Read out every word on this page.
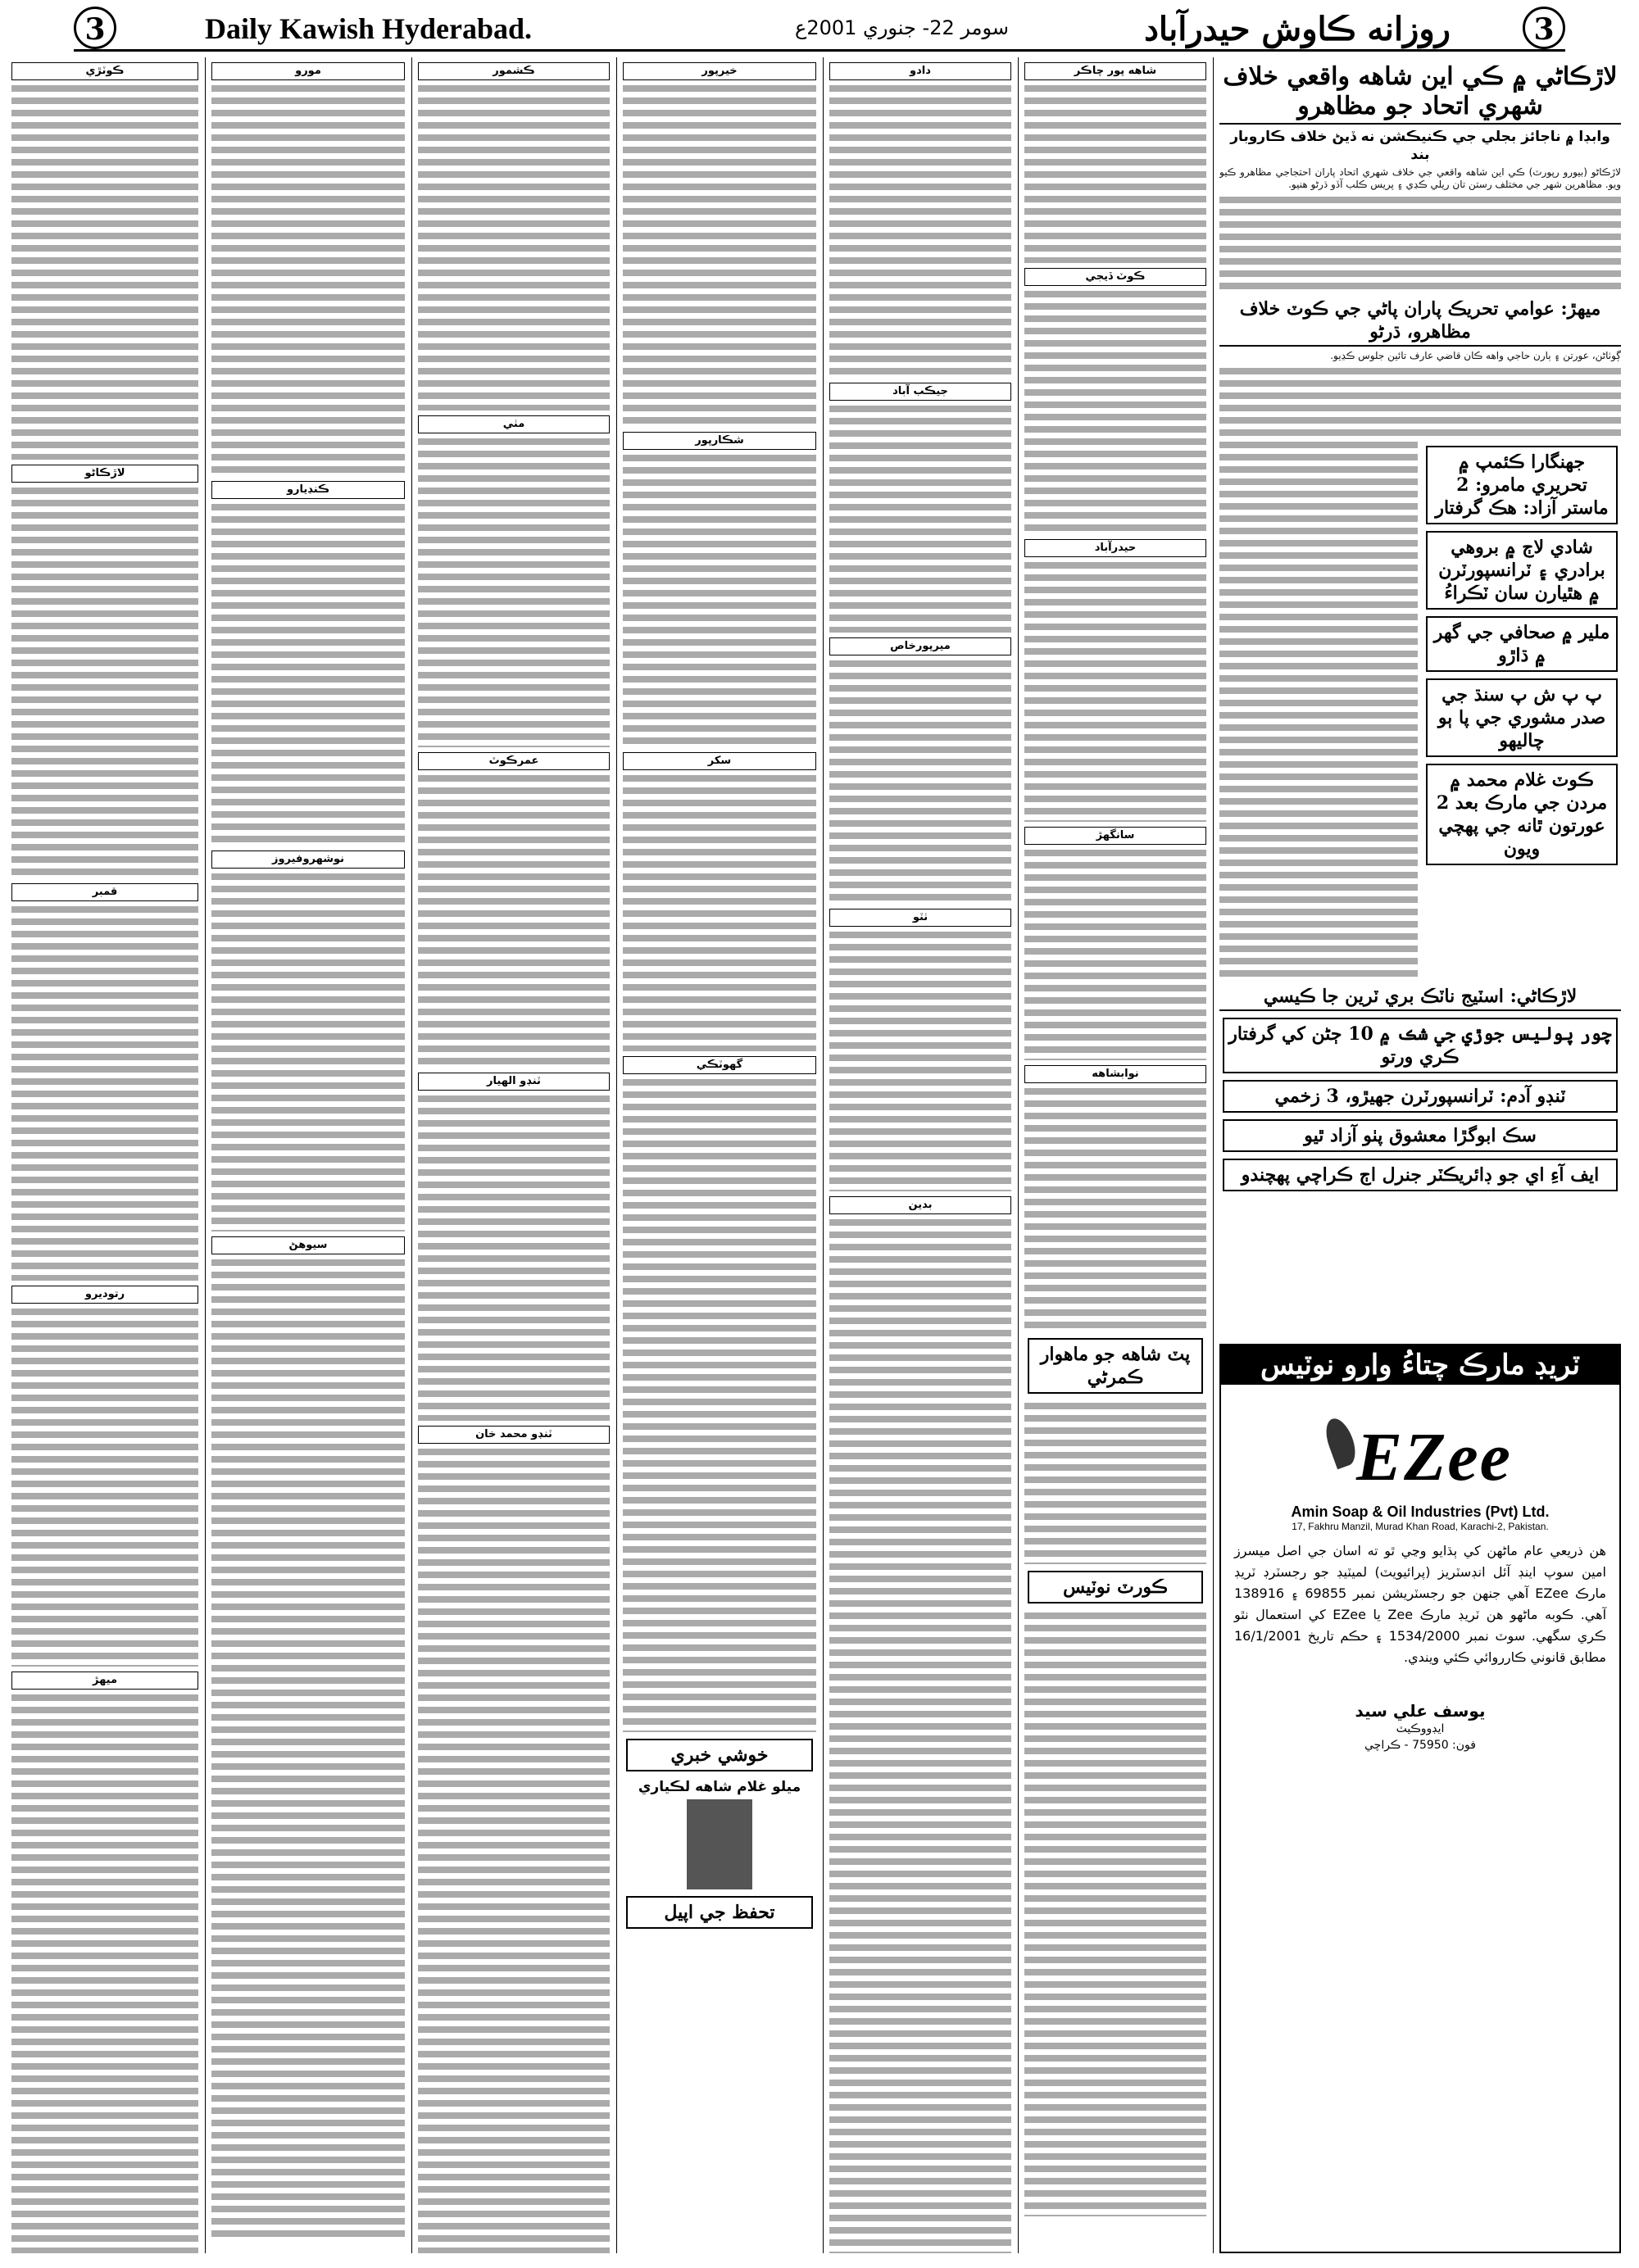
3	Daily Kawish Hyderabad.	سومر 22- جنوري 2001ع	روزانه ڪاوش حيدرآباد	3
لاڙڪاڻي ۾ ڪي اين شاهه واقعي خلاف شهري اتحاد جو مظاهرو
وابڊا ۾ ناجائز بجلي جي ڪنيڪشن نه ڏيڻ خلاف ڪاروبار بند

لاڙڪاڻو (بيورو رپورٽ) ڪي اين شاهه واقعي جي خلاف شهري اتحاد پاران احتجاجي مظاهرو ڪيو ويو. مظاهرين شهر جي مختلف رستن تان ريلي ڪڍي ۽ پريس ڪلب آڏو ڌرڻو هنيو.

ميهڙ: عوامي تحريڪ پاران پاڻي جي ڪوٽ خلاف مظاهرو، ڌرڻو

ڳوٺاڻن، عورتن ۽ ٻارن حاجي واهه ڪان قاضي عارف تائين جلوس ڪڍيو.

جهنگارا ڪئمپ ۾ تحريري مامرو: 2 ماستر آزاد: هڪ گرفتار
شادي لاڄ ۾ بروهي برادري ۽ ٽرانسپورٽرن ۾ هٿيارن سان ٽڪراءُ
ملير ۾ صحافي جي گهر ۾ ڌاڙو
پ پ ش پ سنڌ جي صدر مشوري جي پا ٻو چاليهو
ڪوٽ غلام محمد ۾ مردن جي مارڪ بعد 2 عورتون ٿانه جي پهچي ويون
لاڙڪاڻي: اسٽيج ناٽڪ بري ٽرين جا ڪيسي
چور پوليس جوڙي جي شڪ ۾ 10 ڄڻن کي گرفتار ڪري ورتو
ٽنڊو آدم: ٽرانسپورٽرن جهيڙو، 3 زخمي
سڪ ابوگڙا معشوق پٺو آزاد ٿيو
ايف آءِ اي جو ڊائريڪٽر جنرل اڄ ڪراچي پهچندو
شاهه پور چاڪر
ڪوٽ ڏيجي
حيدرآباد
سانگهڙ
نوابشاهه
پٽ شاهه جو ماهوار ڪمرڻي
ڪورٽ نوٽيس
دادو
جيڪب آباد
ميرپورخاص
ٺٽو
بدين
خيرپور
شڪارپور
سکر
گهوٽڪي
خوشي خبري
ميلو غلام شاهه لڪياري
تحفظ جي اپيل
ڪشمور
مٺي
عمرڪوٽ
ٽنڊو الهيار
ٽنڊو محمد خان
مورو
ڪنڊيارو
نوشهروفيروز
سيوهڻ
ڪوٽڙي
لاڙڪاڻو
قمبر
رتوديرو
ميهڙ
ٽريڊ مارڪ چتاءُ وارو نوٽيس
EZee
Amin Soap & Oil Industries (Pvt) Ltd.
17, Fakhru Manzil, Murad Khan Road, Karachi-2, Pakistan.
هن ذريعي عام ماڻهن کي ٻڌايو وڃي ٿو ته اسان جي اصل ميسرز امين سوپ اينڊ آئل انڊسٽريز (پرائيويٽ) لميٽيڊ جو رجسٽرڊ ٽريڊ مارڪ EZee آهي جنهن جو رجسٽريشن نمبر 69855 ۽ 138916 آهي. ڪوبه ماڻهو هن ٽريڊ مارڪ Zee يا EZee کي استعمال نٿو ڪري سگهي. سوٽ نمبر 1534/2000 ۽ حڪم تاريخ 16/1/2001 مطابق قانوني ڪارروائي ڪئي ويندي.
يوسف علي سيد
ايڊووڪيٽ
فون: 75950 - ڪراچي
